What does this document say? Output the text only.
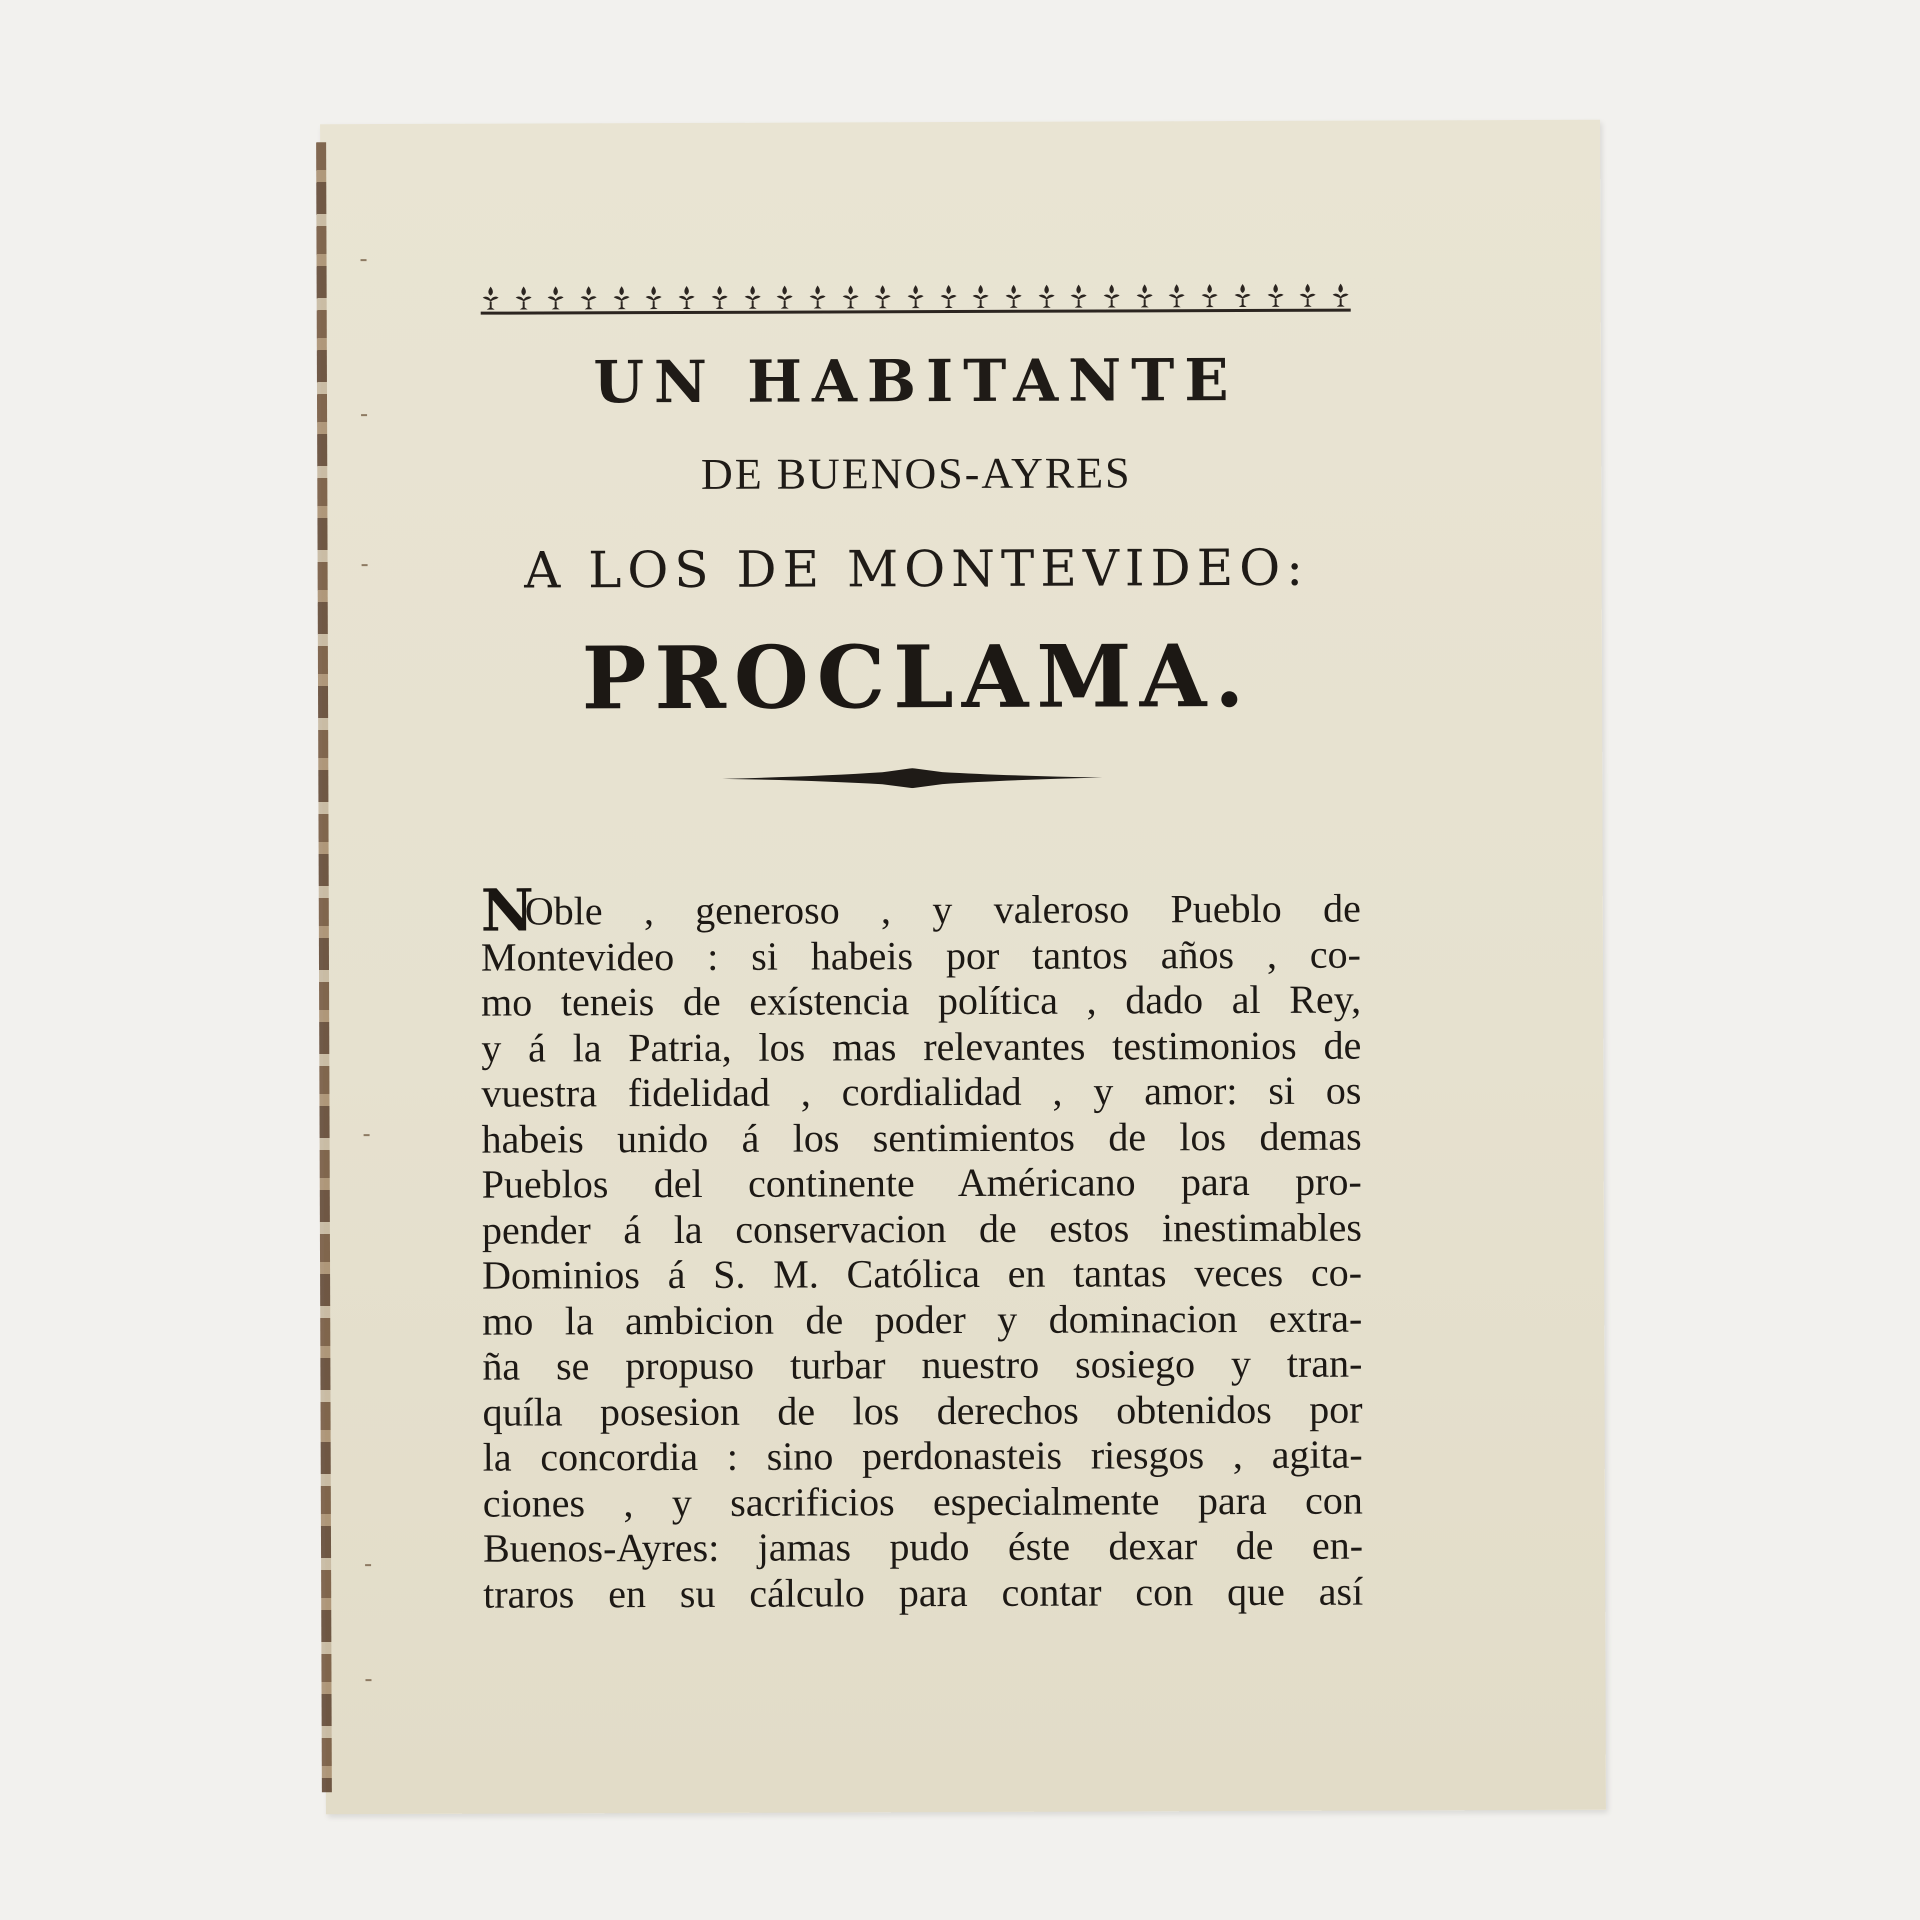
UN HABITANTE
DE BUENOS-AYRES
A LOS DE MONTEVIDEO:
PROCLAMA.
N
Oble , generoso , y valeroso Pueblo de
Montevideo : si habeis por tantos años , co-
mo teneis de exístencia política , dado al Rey,
y á la Patria, los mas relevantes testimonios de
vuestra fidelidad , cordialidad , y amor: si os
habeis unido á los sentimientos de los demas
Pueblos del continente Américano para pro-
pender á la conservacion de estos inestimables
Dominios á S. M. Católica en tantas veces co-
mo la ambicion de poder y dominacion extra-
ña se propuso turbar nuestro sosiego y tran-
quíla posesion de los derechos obtenidos por
la concordia : sino perdonasteis riesgos , agita-
ciones , y sacrificios especialmente para con
Buenos-Ayres: jamas pudo éste dexar de en-
traros en su cálculo para contar con que así
